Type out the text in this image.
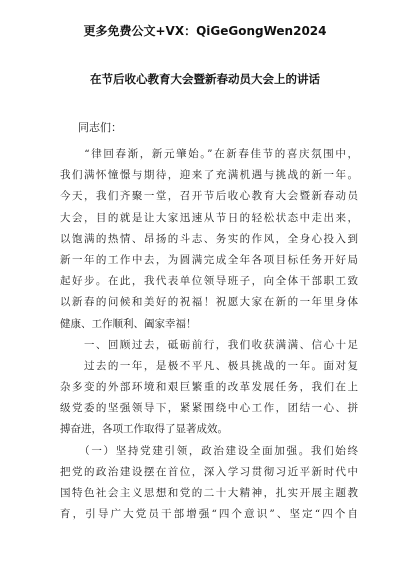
更多免费公文+VX：QiGeGongWen2024
在节后收心教育大会暨新春动员大会上的讲话
同志们：
　　“律回春渐，新元肇始。”在新春佳节的喜庆氛围中，
我们满怀憧憬与期待，迎来了充满机遇与挑战的新一年。
今天，我们齐聚一堂，召开节后收心教育大会暨新春动员
大会，目的就是让大家迅速从节日的轻松状态中走出来，
以饱满的热情、昂扬的斗志、务实的作风，全身心投入到
新一年的工作中去，为圆满完成全年各项目标任务开好局
起好步。在此，我代表单位领导班子，向全体干部职工致
以新春的问候和美好的祝福！祝愿大家在新的一年里身体
健康、工作顺利、阖家幸福！
　　一、回顾过去，砥砺前行，我们收获满满、信心十足
　　过去的一年，是极不平凡、极具挑战的一年。面对复
杂多变的外部环境和艰巨繁重的改革发展任务，我们在上
级党委的坚强领导下，紧紧围绕中心工作，团结一心、拼
搏奋进，各项工作取得了显著成效。
　　（一）坚持党建引领，政治建设全面加强。我们始终
把党的政治建设摆在首位，深入学习贯彻习近平新时代中
国特色社会主义思想和党的二十大精神，扎实开展主题教
育，引导广大党员干部增强“四个意识”、坚定“四个自
